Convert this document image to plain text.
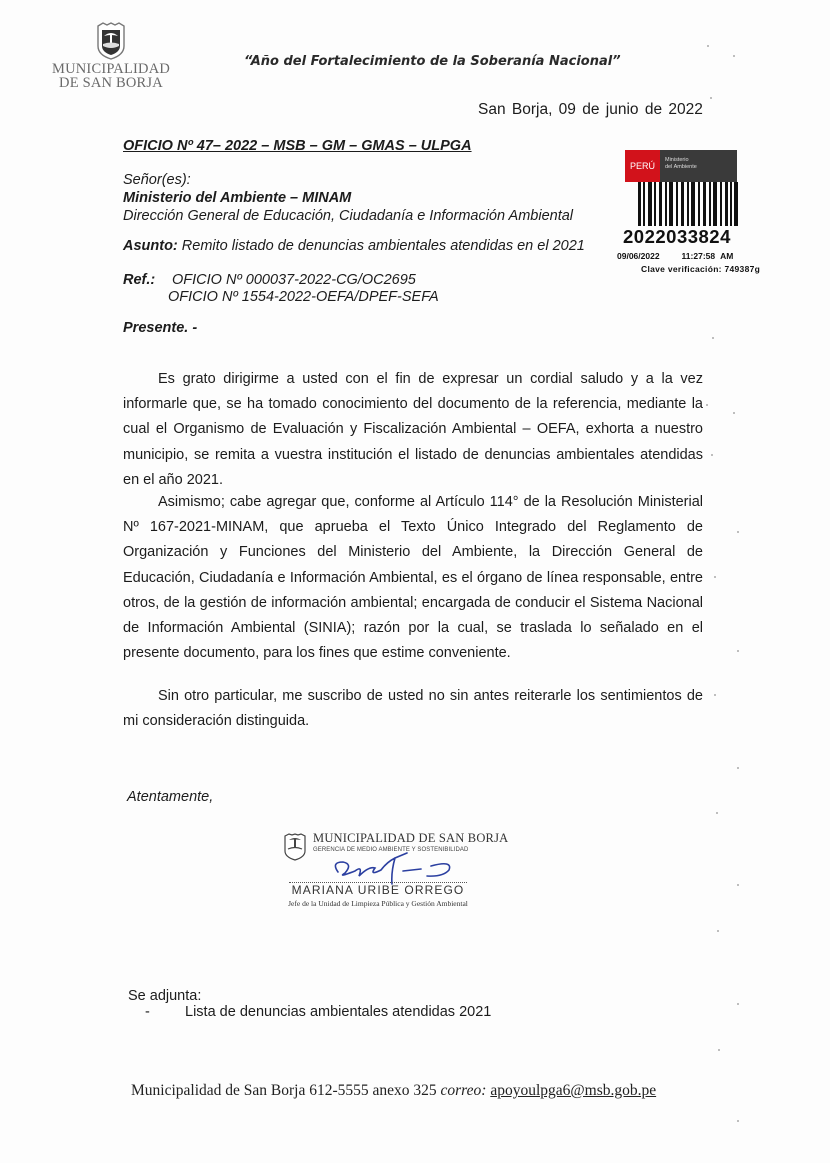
MUNICIPALIDAD
DE SAN BORJA
“Año del Fortalecimiento de la Soberanía Nacional”
San Borja, 09 de junio de 2022
OFICIO Nº 47– 2022 – MSB – GM – GMAS – ULPGA
PERÚ
Ministerio
del Ambiente
2022033824
09/06/2022	11:27:58 AM
Clave verificación: 749387g
Señor(es):
Ministerio del Ambiente – MINAM
Dirección General de Educación, Ciudadanía e Información Ambiental
Asunto: Remito listado de denuncias ambientales atendidas en el 2021
Ref.: OFICIO Nº 000037-2022-CG/OC2695
OFICIO Nº 1554-2022-OEFA/DPEF-SEFA
Presente. -
Es grato dirigirme a usted con el fin de expresar un cordial saludo y a la vez informarle que, se ha tomado conocimiento del documento de la referencia, mediante la cual el Organismo de Evaluación y Fiscalización Ambiental – OEFA, exhorta a nuestro municipio, se remita a vuestra institución el listado de denuncias ambientales atendidas en el año 2021.
Asimismo; cabe agregar que, conforme al Artículo 114° de la Resolución Ministerial Nº 167-2021-MINAM, que aprueba el Texto Único Integrado del Reglamento de Organización y Funciones del Ministerio del Ambiente, la Dirección General de Educación, Ciudadanía e Información Ambiental, es el órgano de línea responsable, entre otros, de la gestión de información ambiental; encargada de conducir el Sistema Nacional de Información Ambiental (SINIA); razón por la cual, se traslada lo señalado en el presente documento, para los fines que estime conveniente.
Sin otro particular, me suscribo de usted no sin antes reiterarle los sentimientos de mi consideración distinguida.
Atentamente,
MUNICIPALIDAD DE SAN BORJA
GERENCIA DE MEDIO AMBIENTE Y SOSTENIBILIDAD
MARIANA URIBE ORREGO
Jefe de la Unidad de Limpieza Pública y Gestión Ambiental
Se adjunta:
- Lista de denuncias ambientales atendidas 2021
Municipalidad de San Borja 612-5555 anexo 325 correo: apoyoulpga6@msb.gob.pe
